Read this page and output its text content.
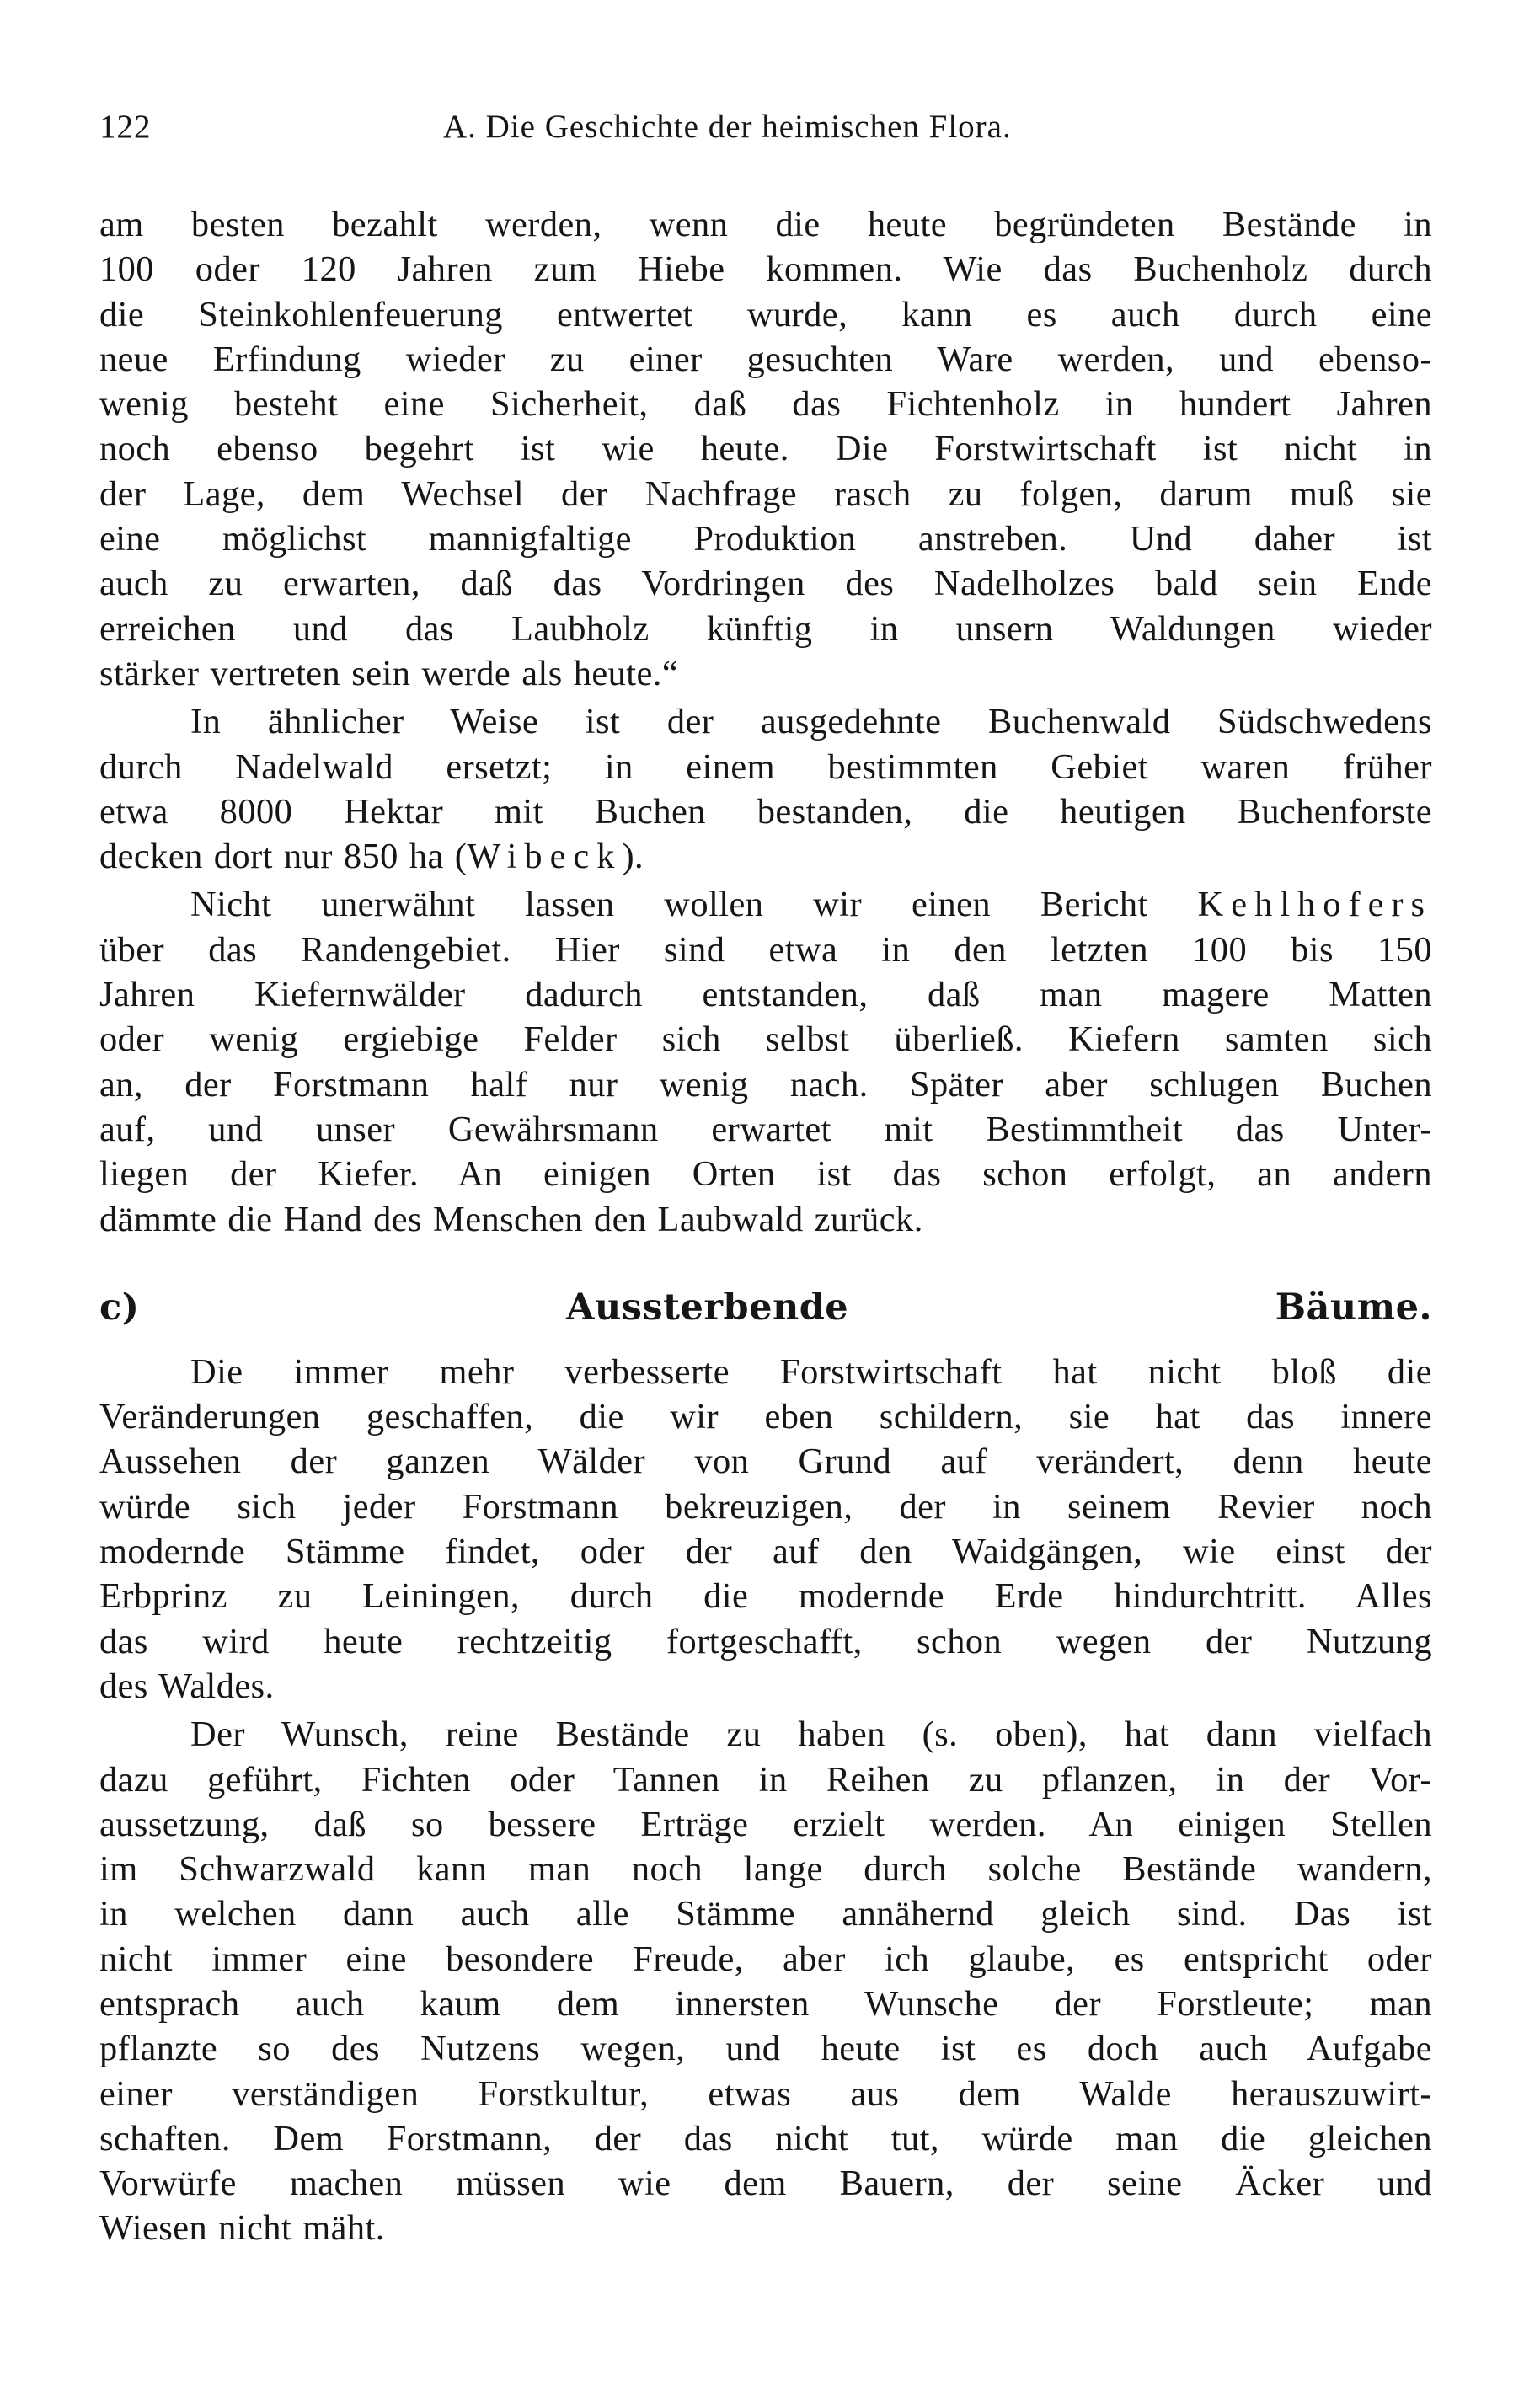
122	A. Die Geschichte der heimischen Flora.
am besten bezahlt werden, wenn die heute begründeten Bestände in
100 oder 120 Jahren zum Hiebe kommen. Wie das Buchenholz durch
die Steinkohlenfeuerung entwertet wurde, kann es auch durch eine
neue Erfindung wieder zu einer gesuchten Ware werden, und ebenso-
wenig besteht eine Sicherheit, daß das Fichtenholz in hundert Jahren
noch ebenso begehrt ist wie heute. Die Forstwirtschaft ist nicht in
der Lage, dem Wechsel der Nachfrage rasch zu folgen, darum muß sie
eine möglichst mannigfaltige Produktion anstreben. Und daher ist
auch zu erwarten, daß das Vordringen des Nadelholzes bald sein Ende
erreichen und das Laubholz künftig in unsern Waldungen wieder
stärker vertreten sein werde als heute.“
In ähnlicher Weise ist der ausgedehnte Buchenwald Südschwedens
durch Nadelwald ersetzt; in einem bestimmten Gebiet waren früher
etwa 8000 Hektar mit Buchen bestanden, die heutigen Buchenforste
decken dort nur 850 ha (Wibeck).
Nicht unerwähnt lassen wollen wir einen Bericht Kehlhofers
über das Randengebiet. Hier sind etwa in den letzten 100 bis 150
Jahren Kiefernwälder dadurch entstanden, daß man magere Matten
oder wenig ergiebige Felder sich selbst überließ. Kiefern samten sich
an, der Forstmann half nur wenig nach. Später aber schlugen Buchen
auf, und unser Gewährsmann erwartet mit Bestimmtheit das Unter-
liegen der Kiefer. An einigen Orten ist das schon erfolgt, an andern
dämmte die Hand des Menschen den Laubwald zurück.
c) Aussterbende Bäume.
Die immer mehr verbesserte Forstwirtschaft hat nicht bloß die
Veränderungen geschaffen, die wir eben schildern, sie hat das innere
Aussehen der ganzen Wälder von Grund auf verändert, denn heute
würde sich jeder Forstmann bekreuzigen, der in seinem Revier noch
modernde Stämme findet, oder der auf den Waidgängen, wie einst der
Erbprinz zu Leiningen, durch die modernde Erde hindurchtritt. Alles
das wird heute rechtzeitig fortgeschafft, schon wegen der Nutzung
des Waldes.
Der Wunsch, reine Bestände zu haben (s. oben), hat dann vielfach
dazu geführt, Fichten oder Tannen in Reihen zu pflanzen, in der Vor-
aussetzung, daß so bessere Erträge erzielt werden. An einigen Stellen
im Schwarzwald kann man noch lange durch solche Bestände wandern,
in welchen dann auch alle Stämme annähernd gleich sind. Das ist
nicht immer eine besondere Freude, aber ich glaube, es entspricht oder
entsprach auch kaum dem innersten Wunsche der Forstleute; man
pflanzte so des Nutzens wegen, und heute ist es doch auch Aufgabe
einer verständigen Forstkultur, etwas aus dem Walde herauszuwirt-
schaften. Dem Forstmann, der das nicht tut, würde man die gleichen
Vorwürfe machen müssen wie dem Bauern, der seine Äcker und
Wiesen nicht mäht.
